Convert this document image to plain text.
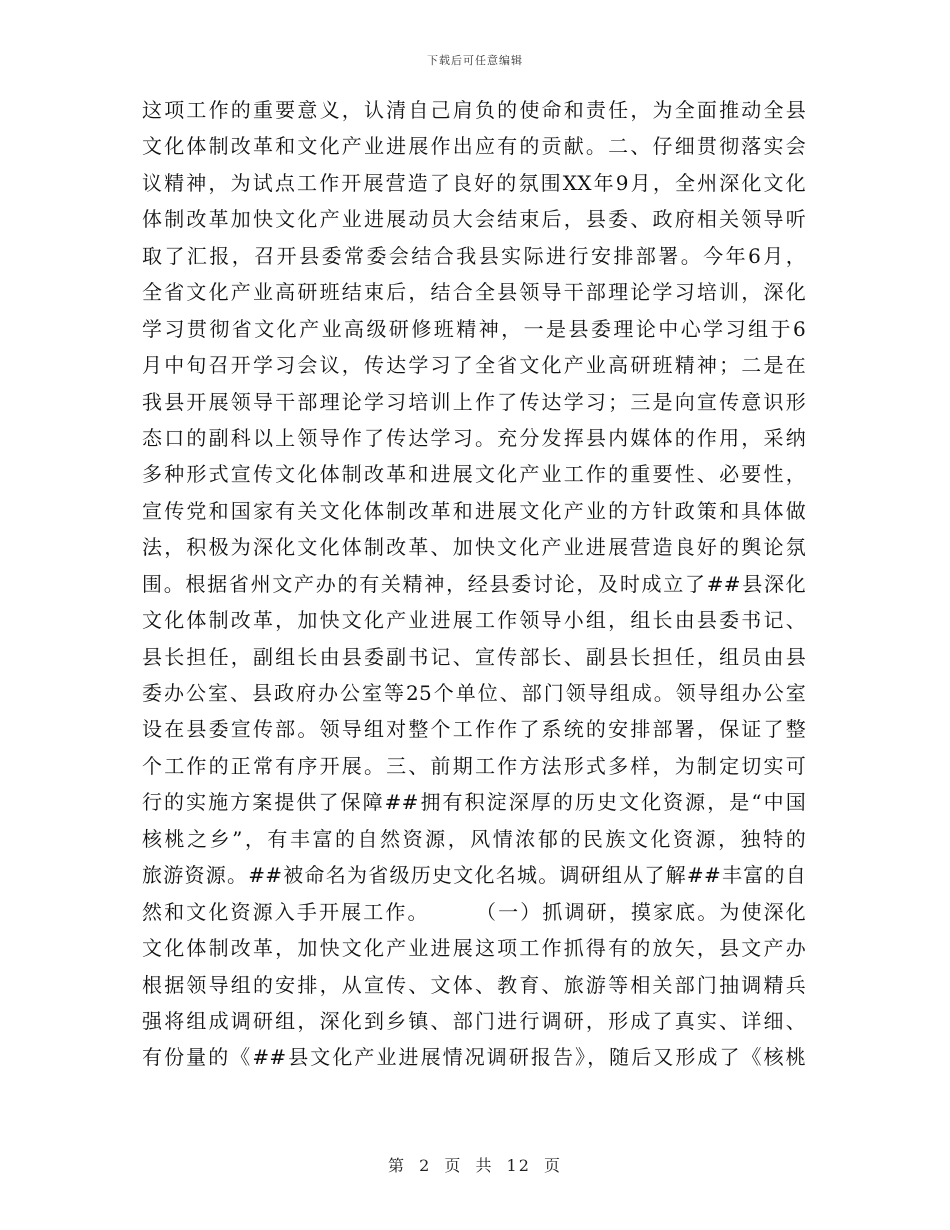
下载后可任意编辑
这项工作的重要意义，认清自己肩负的使命和责任，为全面推动全县
文化体制改革和文化产业进展作出应有的贡献。二、仔细贯彻落实会
议精神，为试点工作开展营造了良好的氛围XX年9月，全州深化文化
体制改革加快文化产业进展动员大会结束后，县委、政府相关领导听
取了汇报，召开县委常委会结合我县实际进行安排部署。今年6月，
全省文化产业高研班结束后，结合全县领导干部理论学习培训，深化
学习贯彻省文化产业高级研修班精神，一是县委理论中心学习组于6
月中旬召开学习会议，传达学习了全省文化产业高研班精神；二是在
我县开展领导干部理论学习培训上作了传达学习；三是向宣传意识形
态口的副科以上领导作了传达学习。充分发挥县内媒体的作用，采纳
多种形式宣传文化体制改革和进展文化产业工作的重要性、必要性，
宣传党和国家有关文化体制改革和进展文化产业的方针政策和具体做
法，积极为深化文化体制改革、加快文化产业进展营造良好的舆论氛
围。根据省州文产办的有关精神，经县委讨论，及时成立了##县深化
文化体制改革，加快文化产业进展工作领导小组，组长由县委书记、
县长担任，副组长由县委副书记、宣传部长、副县长担任，组员由县
委办公室、县政府办公室等25个单位、部门领导组成。领导组办公室
设在县委宣传部。领导组对整个工作作了系统的安排部署，保证了整
个工作的正常有序开展。三、前期工作方法形式多样，为制定切实可
行的实施方案提供了保障##拥有积淀深厚的历史文化资源，是“中国
核桃之乡”，有丰富的自然资源，风情浓郁的民族文化资源，独特的
旅游资源。##被命名为省级历史文化名城。调研组从了解##丰富的自
然和文化资源入手开展工作。　　　（一）抓调研，摸家底。为使深化
文化体制改革，加快文化产业进展这项工作抓得有的放矢，县文产办
根据领导组的安排，从宣传、文体、教育、旅游等相关部门抽调精兵
强将组成调研组，深化到乡镇、部门进行调研，形成了真实、详细、
有份量的《##县文化产业进展情况调研报告》，随后又形成了《核桃
第 2 页 共 12 页
